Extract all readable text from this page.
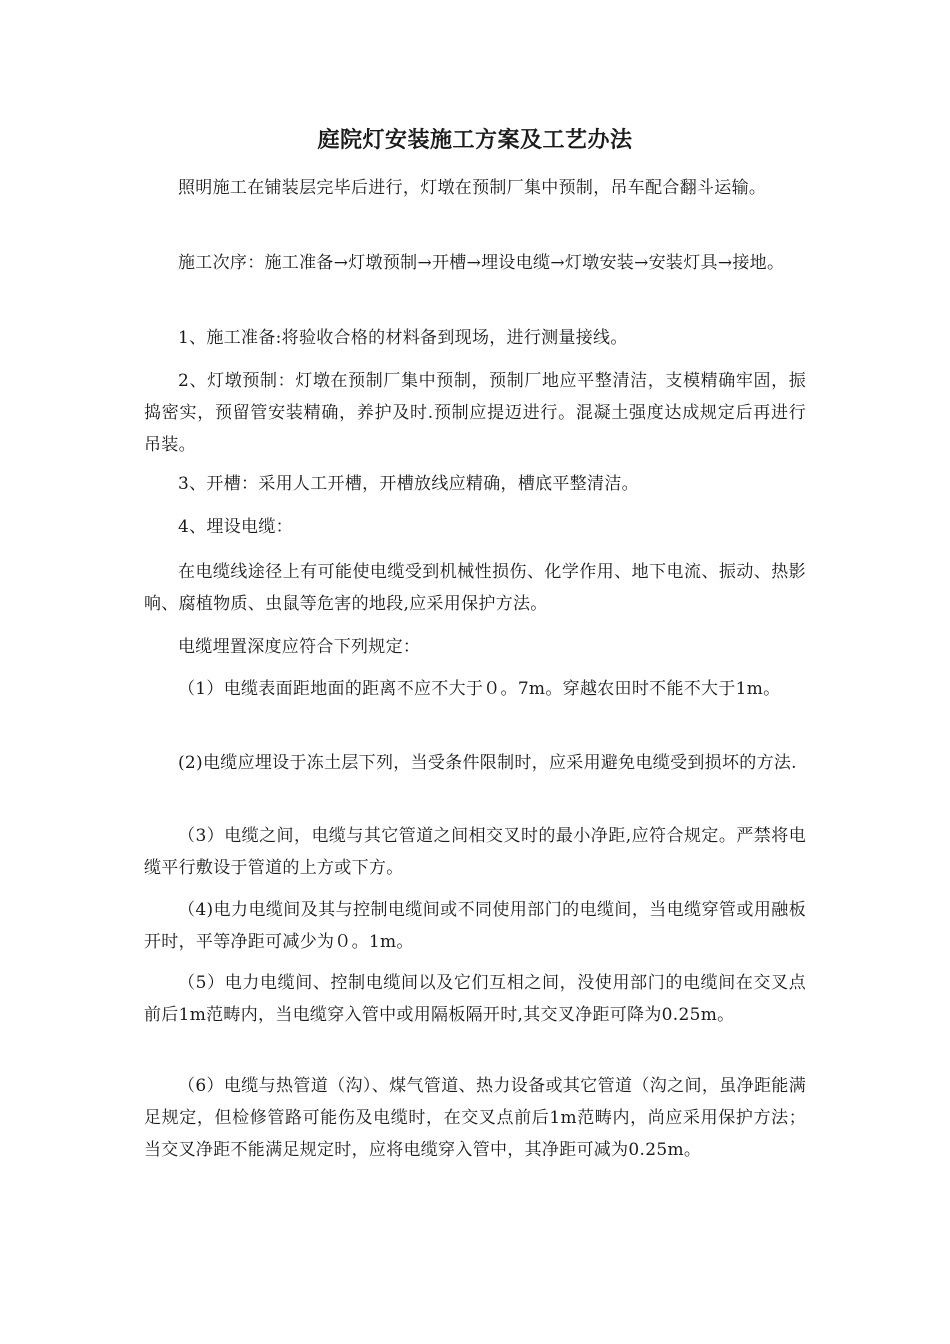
庭院灯安装施工方案及工艺办法

照明施工在铺装层完毕后进行，灯墩在预制厂集中预制，吊车配合翻斗运输。

施工次序：施工准备→灯墩预制→开槽→埋设电缆→灯墩安装→安装灯具→接地。

1、施工准备:将验收合格的材料备到现场，进行测量接线。

2、灯墩预制：灯墩在预制厂集中预制，预制厂地应平整清洁，支模精确牢固，振捣密实，预留管安装精确，养护及时.预制应提迈进行。混凝土强度达成规定后再进行吊装。

3、开槽：采用人工开槽，开槽放线应精确，槽底平整清洁。

4、埋设电缆：

在电缆线途径上有可能使电缆受到机械性损伤、化学作用、地下电流、振动、热影响、腐植物质、虫鼠等危害的地段,应采用保护方法。

电缆埋置深度应符合下列规定：

（1）电缆表面距地面的距离不应不大于０。7m。穿越农田时不能不大于1m。

(2)电缆应埋设于冻土层下列，当受条件限制时，应采用避免电缆受到损坏的方法.

（3）电缆之间，电缆与其它管道之间相交叉时的最小净距,应符合规定。严禁将电缆平行敷设于管道的上方或下方。

（4)电力电缆间及其与控制电缆间或不同使用部门的电缆间，当电缆穿管或用融板开时，平等净距可减少为０。1m。

（5）电力电缆间、控制电缆间以及它们互相之间，没使用部门的电缆间在交叉点前后1m范畴内，当电缆穿入管中或用隔板隔开时,其交叉净距可降为0.25m。

（6）电缆与热管道（沟）、煤气管道、热力设备或其它管道（沟之间，虽净距能满足规定，但检修管路可能伤及电缆时，在交叉点前后1m范畴内，尚应采用保护方法；当交叉净距不能满足规定时，应将电缆穿入管中，其净距可减为0.25m。
